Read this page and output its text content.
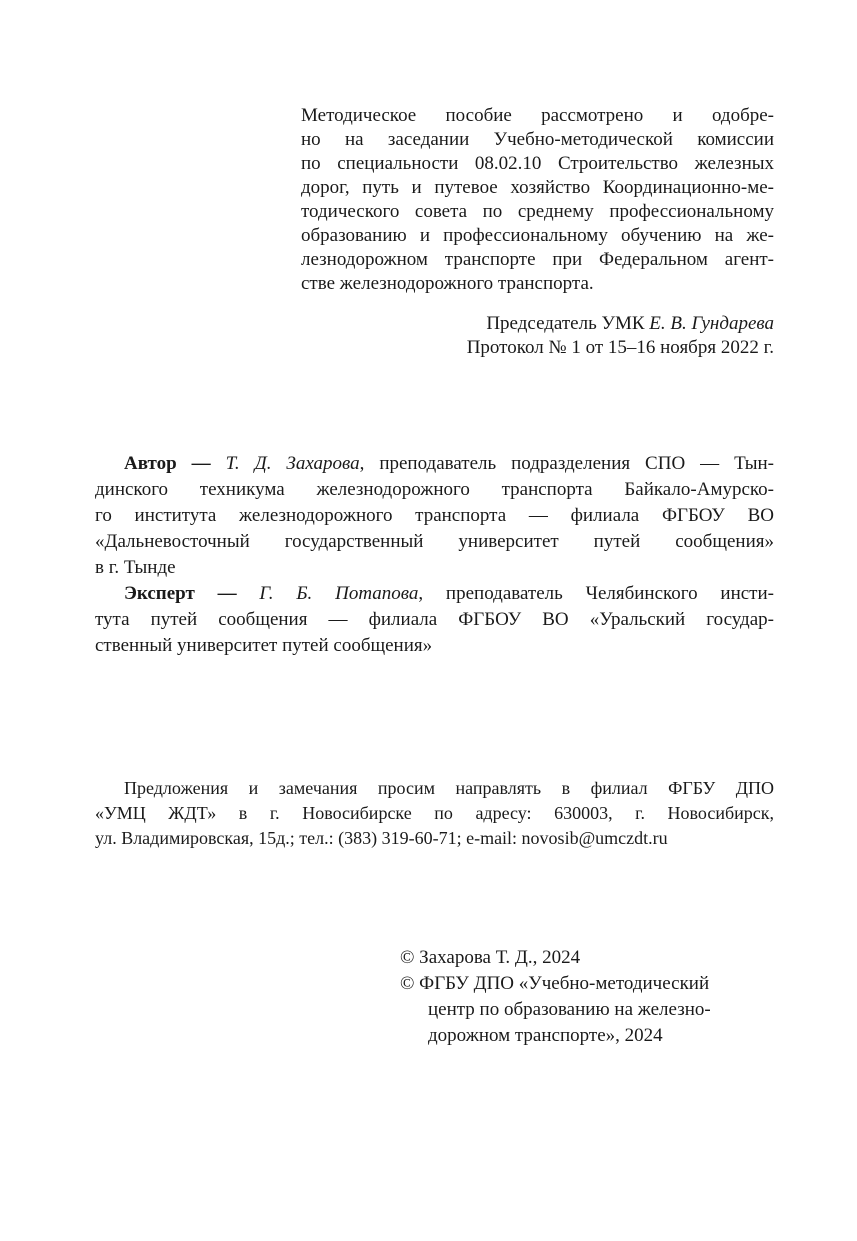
Методическое пособие рассмотрено и одобре-
но на заседании Учебно-методической комиссии
по специальности 08.02.10 Строительство железных
дорог, путь и путевое хозяйство Координационно-ме-
тодического совета по среднему профессиональному
образованию и профессиональному обучению на же-
лезнодорожном транспорте при Федеральном агент-
стве железнодорожного транспорта.
Председатель УМК Е. В. Гундарева
Протокол № 1 от 15–16 ноября 2022 г.
Автор — Т. Д. Захарова, преподаватель подразделения СПО — Тын-
динского техникума железнодорожного транспорта Байкало-Амурско-
го института железнодорожного транспорта — филиала ФГБОУ ВО
«Дальневосточный государственный университет путей сообщения»
в г. Тынде
Эксперт — Г. Б. Потапова, преподаватель Челябинского инсти-
тута путей сообщения — филиала ФГБОУ ВО «Уральский государ-
ственный университет путей сообщения»
Предложения и замечания просим направлять в филиал ФГБУ ДПО
«УМЦ ЖДТ» в г. Новосибирске по адресу: 630003, г. Новосибирск,
ул. Владимировская, 15д.; тел.: (383) 319-60-71; e-mail: novosib@umczdt.ru
© Захарова Т. Д., 2024
© ФГБУ ДПО «Учебно-методический
центр по образованию на железно-
дорожном транспорте», 2024
